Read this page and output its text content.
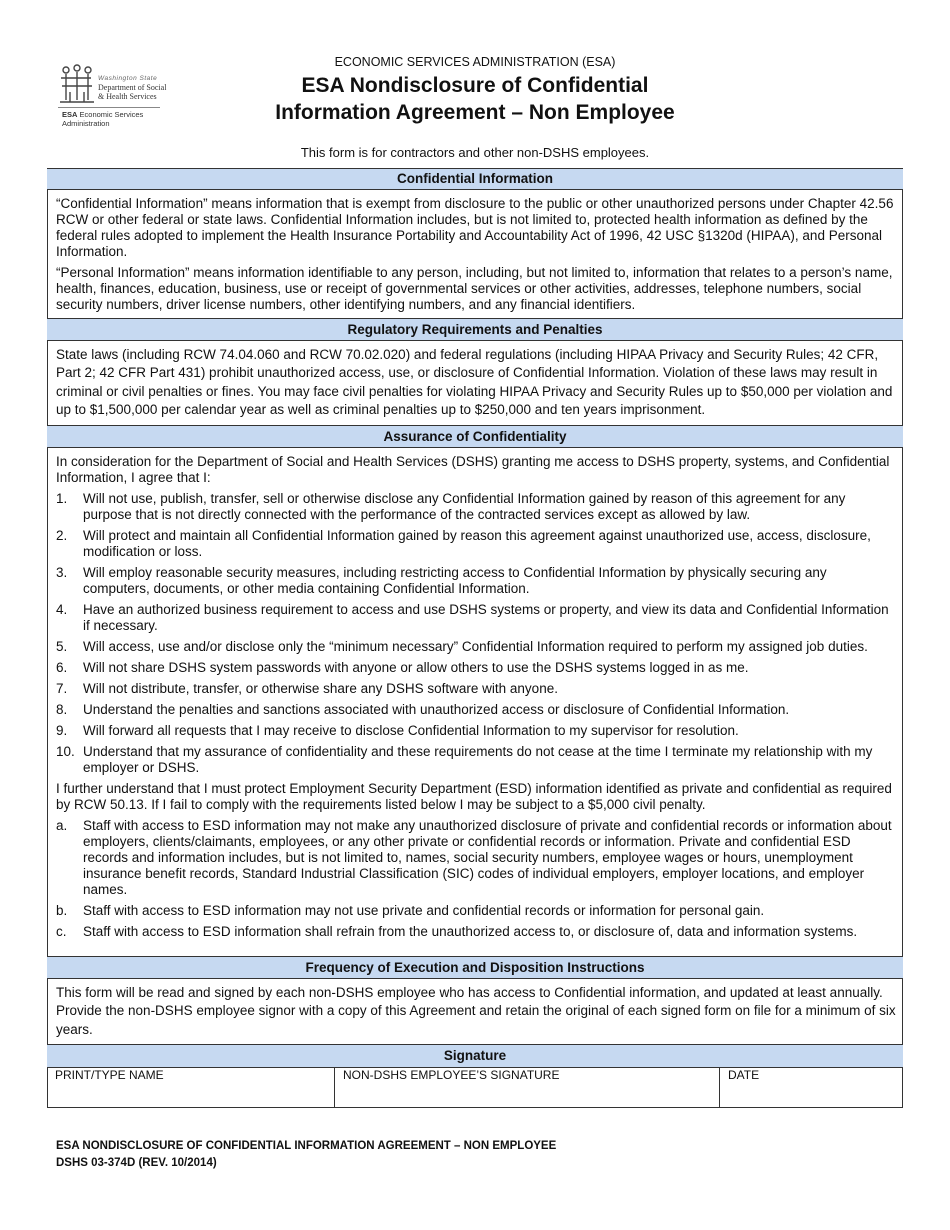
Washington State
Department of Social
& Health Services
ESA Economic Services
Administration
ECONOMIC SERVICES ADMINISTRATION (ESA)
ESA Nondisclosure of Confidential
Information Agreement – Non Employee
This form is for contractors and other non-DSHS employees.
Confidential Information

“Confidential Information” means information that is exempt from disclosure to the public or other unauthorized persons under Chapter 42.56 RCW or other federal or state laws. Confidential Information includes, but is not limited to, protected health information as defined by the federal rules adopted to implement the Health Insurance Portability and Accountability Act of 1996, 42 USC §1320d (HIPAA), and Personal Information.

“Personal Information” means information identifiable to any person, including, but not limited to, information that relates to a person’s name, health, finances, education, business, use or receipt of governmental services or other activities, addresses, telephone numbers, social security numbers, driver license numbers, other identifying numbers, and any financial identifiers.

Regulatory Requirements and Penalties
State laws (including RCW 74.04.060 and RCW 70.02.020) and federal regulations (including HIPAA Privacy and Security Rules; 42 CFR, Part 2; 42 CFR Part 431) prohibit unauthorized access, use, or disclosure of Confidential Information. Violation of these laws may result in criminal or civil penalties or fines. You may face civil penalties for violating HIPAA Privacy and Security Rules up to $50,000 per violation and up to $1,500,000 per calendar year as well as criminal penalties up to $250,000 and ten years imprisonment.
Assurance of Confidentiality

In consideration for the Department of Social and Health Services (DSHS) granting me access to DSHS property, systems, and Confidential Information, I agree that I:

1.	Will not use, publish, transfer, sell or otherwise disclose any Confidential Information gained by reason of this agreement for any purpose that is not directly connected with the performance of the contracted services except as allowed by law.
2.	Will protect and maintain all Confidential Information gained by reason this agreement against unauthorized use, access, disclosure, modification or loss.
3.	Will employ reasonable security measures, including restricting access to Confidential Information by physically securing any computers, documents, or other media containing Confidential Information.
4.	Have an authorized business requirement to access and use DSHS systems or property, and view its data and Confidential Information if necessary.
5.	Will access, use and/or disclose only the “minimum necessary” Confidential Information required to perform my assigned job duties.
6.	Will not share DSHS system passwords with anyone or allow others to use the DSHS systems logged in as me.
7.	Will not distribute, transfer, or otherwise share any DSHS software with anyone.
8.	Understand the penalties and sanctions associated with unauthorized access or disclosure of Confidential Information.
9.	Will forward all requests that I may receive to disclose Confidential Information to my supervisor for resolution.
10. Understand that my assurance of confidentiality and these requirements do not cease at the time I terminate my relationship with my employer or DSHS.

I further understand that I must protect Employment Security Department (ESD) information identified as private and confidential as required by RCW 50.13. If I fail to comply with the requirements listed below I may be subject to a $5,000 civil penalty.

a.	Staff with access to ESD information may not make any unauthorized disclosure of private and confidential records or information about employers, clients/claimants, employees, or any other private or confidential records or information. Private and confidential ESD records and information includes, but is not limited to, names, social security numbers, employee wages or hours, unemployment insurance benefit records, Standard Industrial Classification (SIC) codes of individual employers, employer locations, and employer names.
b.	Staff with access to ESD information may not use private and confidential records or information for personal gain.
c.	Staff with access to ESD information shall refrain from the unauthorized access to, or disclosure of, data and information systems.
Frequency of Execution and Disposition Instructions
This form will be read and signed by each non-DSHS employee who has access to Confidential information, and updated at least annually. Provide the non-DSHS employee signor with a copy of this Agreement and retain the original of each signed form on file for a minimum of six years.
Signature
PRINT/TYPE NAME	NON-DSHS EMPLOYEE’S SIGNATURE	DATE
ESA NONDISCLOSURE OF CONFIDENTIAL INFORMATION AGREEMENT – NON EMPLOYEE
DSHS 03-374D (REV. 10/2014)
